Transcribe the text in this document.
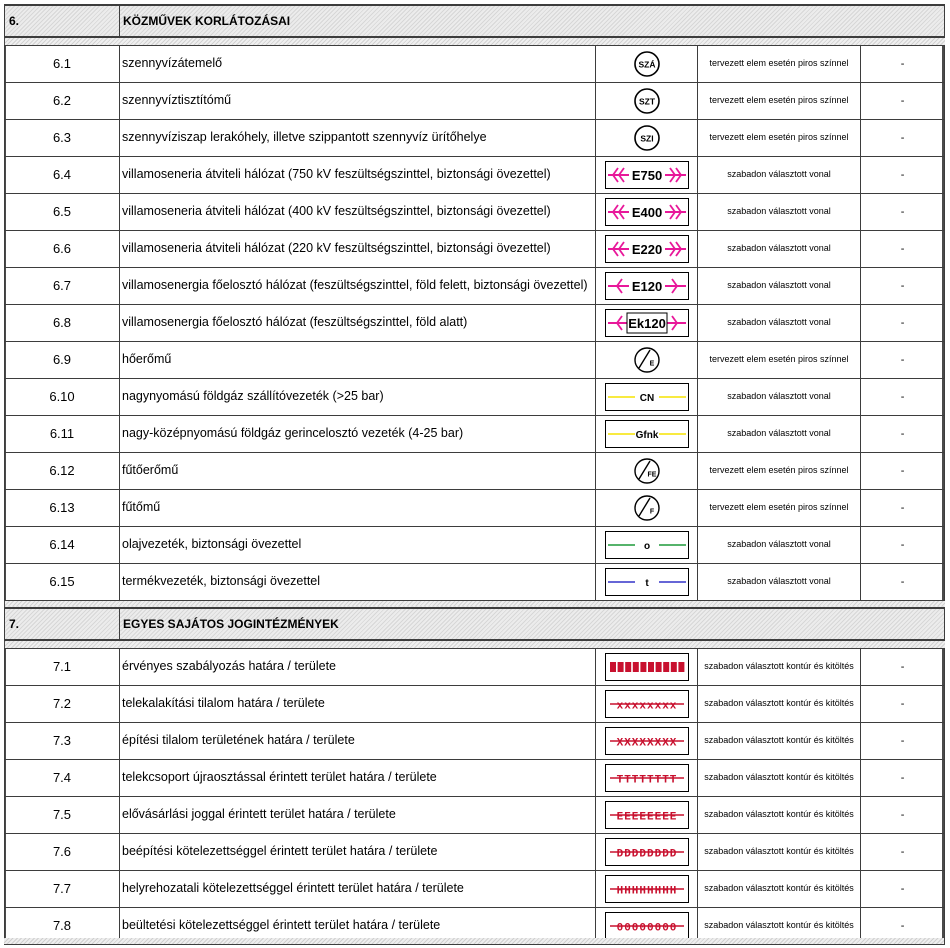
6.	KÖZMŰVEK KORLÁTOZÁSAI			

6.1	szennyvízátemelő	SZÁ	tervezett elem esetén piros színnel	-
6.2	szennyvíztisztítómű	SZT	tervezett elem esetén piros színnel	-
6.3	szennyvíziszap lerakóhely, illetve szippantott szennyvíz ürítőhelye	SZI	tervezett elem esetén piros színnel	-
6.4	villamoseneria átviteli hálózat (750 kV feszültségszinttel, biztonsági övezettel)	E750	szabadon választott vonal	-
6.5	villamoseneria átviteli hálózat (400 kV feszültségszinttel, biztonsági övezettel)	E400	szabadon választott vonal	-
6.6	villamoseneria átviteli hálózat (220 kV feszültségszinttel, biztonsági övezettel)	E220	szabadon választott vonal	-
6.7	villamosenergia főelosztó hálózat (feszültségszinttel, föld felett, biztonsági övezettel)	E120	szabadon választott vonal	-
6.8	villamosenergia főelosztó hálózat (feszültségszinttel, föld alatt)	Ek120	szabadon választott vonal	-
6.9	hőerőmű	E	tervezett elem esetén piros színnel	-
6.10	nagynyomású földgáz szállítóvezeték (>25 bar)	CN	szabadon választott vonal	-
6.11	nagy-középnyomású földgáz gerincelosztó vezeték (4-25 bar)	Gfnk	szabadon választott vonal	-
6.12	fűtőerőmű	FE	tervezett elem esetén piros színnel	-
6.13	fűtőmű	F	tervezett elem esetén piros színnel	-
6.14	olajvezeték, biztonsági övezettel	o	szabadon választott vonal	-
6.15	termékvezeték, biztonsági övezettel	t	szabadon választott vonal	-

7.	EGYES SAJÁTOS JOGINTÉZMÉNYEK			

7.1	érvényes szabályozás határa / területe		szabadon választott kontúr és kitöltés	-
7.2	telekalakítási tilalom határa / területe	xxxxxxxx	szabadon választott kontúr és kitöltés	-
7.3	építési tilalom területének határa / területe	XXXXXXXX	szabadon választott kontúr és kitöltés	-
7.4	telekcsoport újraosztással érintett terület határa / területe	TTTTTTTT	szabadon választott kontúr és kitöltés	-
7.5	elővásárlási joggal érintett terület határa / területe	EEEEEEEE	szabadon választott kontúr és kitöltés	-
7.6	beépítési kötelezettséggel érintett terület határa / területe	DDDDDDDD	szabadon választott kontúr és kitöltés	-
7.7	helyrehozatali kötelezettséggel érintett terület határa / területe	HHHHHHHH	szabadon választott kontúr és kitöltés	-
7.8	beültetési kötelezettséggel érintett terület határa / területe	00000000	szabadon választott kontúr és kitöltés	-
